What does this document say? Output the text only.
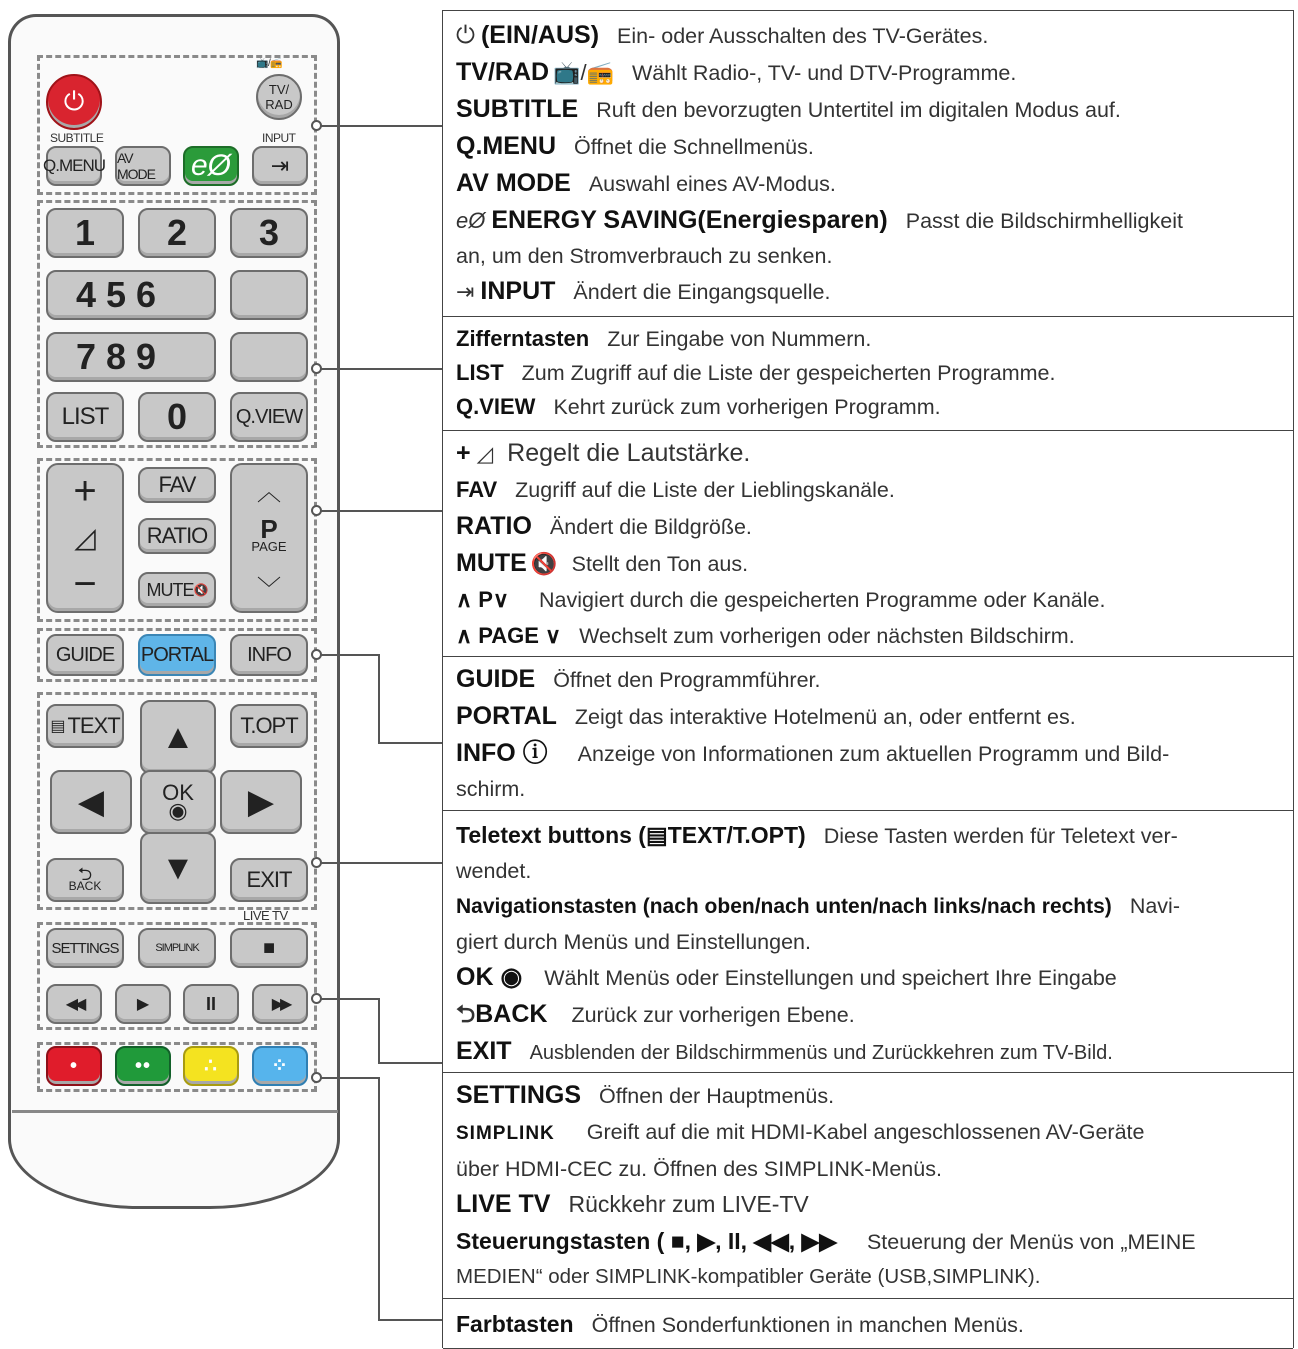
⏻
📺/📻
TV/
RAD
SUBTITLE	INPUT
Q.MENU AV MODE	eØ	⇥
1	2	3
4 5 6
7 8 9
LIST	0	Q.VIEW
+
◿
−
FAV
RATIO
MUTE 🔇
︿
P
PAGE
﹀
GUIDE	PORTAL	INFO
▤ TEXT	T.OPT
▲
◀	▶
OK
◉
▼
⮌
BACK	EXIT
LIVE TV
SETTINGS	SIMPLINK	■
◀◀	▶	II	▶▶
•	••	∴	⁘
⏻ (EIN/AUS) Ein- oder Ausschalten des TV-Gerätes.
TV/RAD 📺/📻 Wählt Radio-, TV- und DTV-Programme.
SUBTITLE Ruft den bevorzugten Untertitel im digitalen Modus auf.
Q.MENU Öffnet die Schnellmenüs.
AV MODE Auswahl eines AV-Modus.
eØ ENERGY SAVING(Energiesparen) Passt die Bildschirmhelligkeit
an, um den Stromverbrauch zu senken.
⇥ INPUT Ändert die Eingangsquelle.
Zifferntasten Zur Eingabe von Nummern.
LIST Zum Zugriff auf die Liste der gespeicherten Programme.
Q.VIEW Kehrt zurück zum vorherigen Programm.
+ ◿ Regelt die Lautstärke.
FAV Zugriff auf die Liste der Lieblingskanäle.
RATIO Ändert die Bildgröße.
MUTE 🔇 Stellt den Ton aus.
∧ P∨ Navigiert durch die gespeicherten Programme oder Kanäle.
∧ PAGE ∨ Wechselt zum vorherigen oder nächsten Bildschirm.
GUIDE Öffnet den Programmführer.
PORTAL Zeigt das interaktive Hotelmenü an, oder entfernt es.
INFO ⓘ Anzeige von Informationen zum aktuellen Programm und Bild-
schirm.
Teletext buttons (▤TEXT/T.OPT) Diese Tasten werden für Teletext ver-
wendet.
Navigationstasten (nach oben/nach unten/nach links/nach rechts) Navi-
giert durch Menüs und Einstellungen.
OK ◉ Wählt Menüs oder Einstellungen und speichert Ihre Eingabe
⮌BACK Zurück zur vorherigen Ebene.
EXIT Ausblenden der Bildschirmmenüs und Zurückkehren zum TV-Bild.
SETTINGS Öffnen der Hauptmenüs.
SIMPLINK Greift auf die mit HDMI-Kabel angeschlossenen AV-Geräte
über HDMI-CEC zu. Öffnen des SIMPLINK-Menüs.
LIVE TV Rückkehr zum LIVE-TV
Steuerungstasten ( ■, ▶, II, ◀◀, ▶▶ Steuerung der Menüs von „MEINE
MEDIEN“ oder SIMPLINK-kompatibler Geräte (USB,SIMPLINK).
Farbtasten Öffnen Sonderfunktionen in manchen Menüs.
